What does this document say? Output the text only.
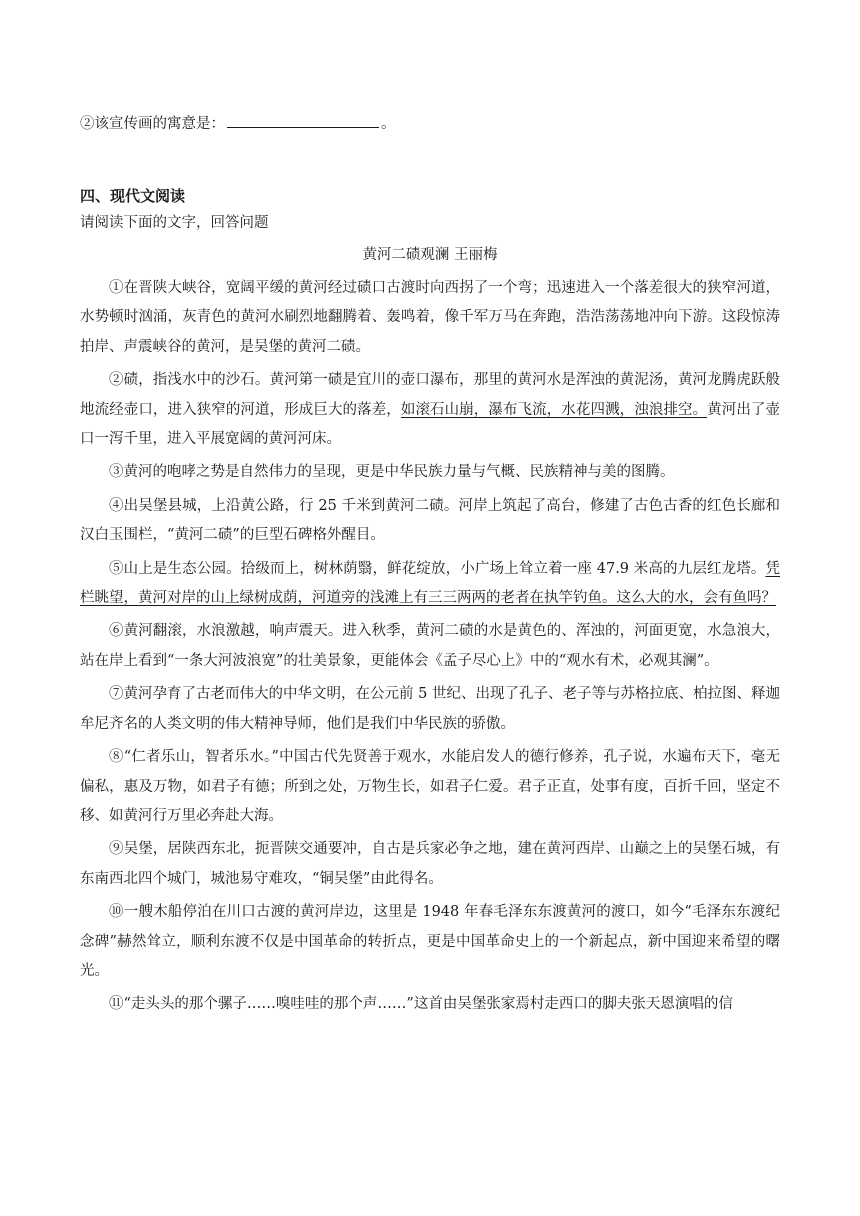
②该宣传画的寓意是：	。
四、现代文阅读
请阅读下面的文字，回答问题
黄河二碛观澜 王丽梅

①在晋陕大峡谷，宽阔平缓的黄河经过碛口古渡时向西拐了一个弯；迅速进入一个落差很大的狭窄河道，水势顿时汹涌，灰青色的黄河水刷烈地翻腾着、轰鸣着，像千军万马在奔跑，浩浩荡荡地冲向下游。这段惊涛拍岸、声震峡谷的黄河，是吴堡的黄河二碛。

②碛，指浅水中的沙石。黄河第一碛是宜川的壶口瀑布，那里的黄河水是浑浊的黄泥汤，黄河龙腾虎跃般地流经壶口，进入狭窄的河道，形成巨大的落差，如滚石山崩，瀑布飞流，水花四溅，浊浪排空。黄河出了壶口一泻千里，进入平展宽阔的黄河河床。

③黄河的咆哮之势是自然伟力的呈现，更是中华民族力量与气概、民族精神与美的图腾。

④出吴堡县城，上沿黄公路，行 25 千米到黄河二碛。河岸上筑起了高台，修建了古色古香的红色长廊和汉白玉围栏，“黄河二碛”的巨型石碑格外醒目。

⑤山上是生态公园。拾级而上，树林荫翳，鲜花绽放，小广场上耸立着一座 47.9 米高的九层红龙塔。凭栏眺望，黄河对岸的山上绿树成荫，河道旁的浅滩上有三三两两的老者在执竿钓鱼。这么大的水，会有鱼吗？

⑥黄河翻滚，水浪激越，响声震天。进入秋季，黄河二碛的水是黄色的、浑浊的，河面更宽，水急浪大，站在岸上看到“一条大河波浪宽”的壮美景象，更能体会《孟子尽心上》中的“观水有术，必观其澜”。

⑦黄河孕育了古老而伟大的中华文明，在公元前 5 世纪、出现了孔子、老子等与苏格拉底、柏拉图、释迦牟尼齐名的人类文明的伟大精神导师，他们是我们中华民族的骄傲。

⑧“仁者乐山，智者乐水。”中国古代先贤善于观水，水能启发人的德行修养，孔子说，水遍布天下，毫无偏私，惠及万物，如君子有德；所到之处，万物生长，如君子仁爱。君子正直，处事有度，百折千回，坚定不移、如黄河行万里必奔赴大海。

⑨吴堡，居陕西东北，扼晋陕交通要冲，自古是兵家必争之地，建在黄河西岸、山巅之上的吴堡石城，有东南西北四个城门，城池易守难攻，“铜吴堡”由此得名。

⑩一艘木船停泊在川口古渡的黄河岸边，这里是 1948 年春毛泽东东渡黄河的渡口，如今“毛泽东东渡纪念碑”赫然耸立，顺利东渡不仅是中国革命的转折点，更是中国革命史上的一个新起点，新中国迎来希望的曙光。

⑪“走头头的那个骡子……嗅哇哇的那个声……”这首由吴堡张家焉村走西口的脚夫张天恩演唱的信
